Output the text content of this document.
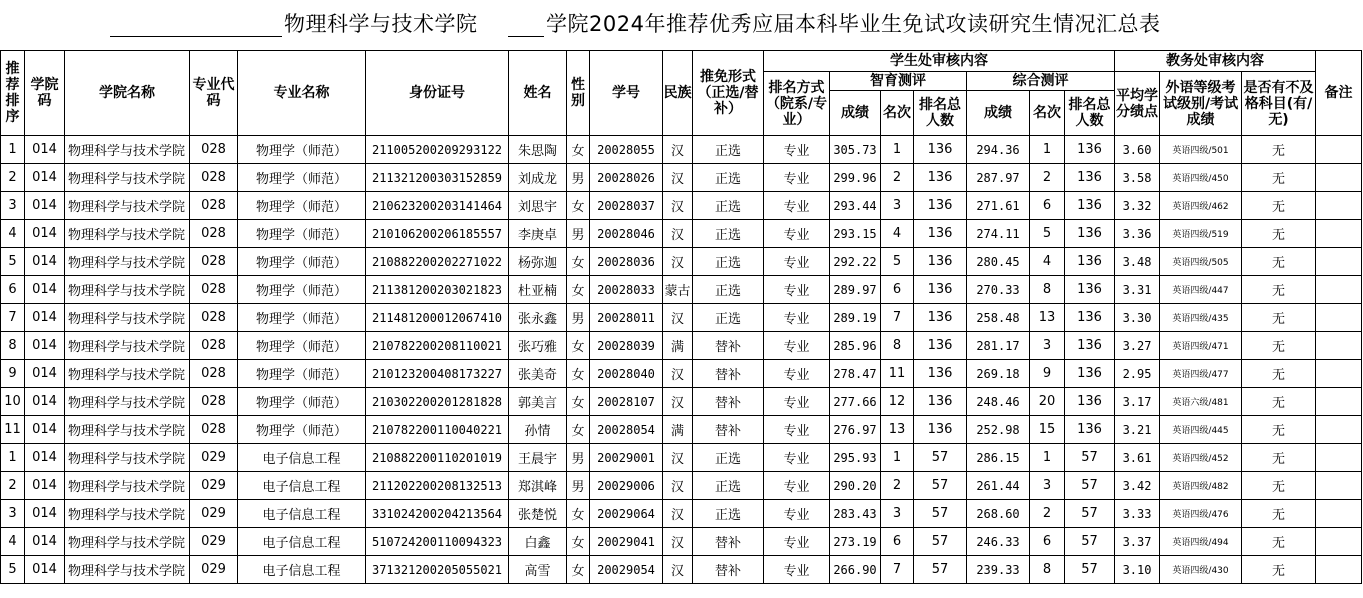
物理科学与技术学院	学院2024年推荐优秀应届本科毕业生免试攻读研究生情况汇总表
推荐排序	学院码	学院名称	专业代码	专业名称	身份证号	姓名	性别	学号	民族	推免形式（正选/替补）	学生处审核内容							教务处审核内容			备注
											排名方式（院系/专业）	智育测评			综合测评			平均学分绩点	外语等级考试级别/考试成绩	是否有不及格科目(有/无)	
												成绩	名次	排名总人数	成绩	名次	排名总人数				
1	014	物理科学与技术学院	028	物理学（师范）	211005200209293122	朱思陶	女	20028055	汉	正选	专业	305.73	1	136	294.36	1	136	3.60	英语四级/501	无	
2	014	物理科学与技术学院	028	物理学（师范）	211321200303152859	刘成龙	男	20028026	汉	正选	专业	299.96	2	136	287.97	2	136	3.58	英语四级/450	无	
3	014	物理科学与技术学院	028	物理学（师范）	210623200203141464	刘思宇	女	20028037	汉	正选	专业	293.44	3	136	271.61	6	136	3.32	英语四级/462	无	
4	014	物理科学与技术学院	028	物理学（师范）	210106200206185557	李庚卓	男	20028046	汉	正选	专业	293.15	4	136	274.11	5	136	3.36	英语四级/519	无	
5	014	物理科学与技术学院	028	物理学（师范）	210882200202271022	杨弥迦	女	20028036	汉	正选	专业	292.22	5	136	280.45	4	136	3.48	英语四级/505	无	
6	014	物理科学与技术学院	028	物理学（师范）	211381200203021823	杜亚楠	女	20028033	蒙古	正选	专业	289.97	6	136	270.33	8	136	3.31	英语四级/447	无	
7	014	物理科学与技术学院	028	物理学（师范）	211481200012067410	张永鑫	男	20028011	汉	正选	专业	289.19	7	136	258.48	13	136	3.30	英语四级/435	无	
8	014	物理科学与技术学院	028	物理学（师范）	210782200208110021	张巧雅	女	20028039	满	替补	专业	285.96	8	136	281.17	3	136	3.27	英语四级/471	无	
9	014	物理科学与技术学院	028	物理学（师范）	210123200408173227	张美奇	女	20028040	汉	替补	专业	278.47	11	136	269.18	9	136	2.95	英语四级/477	无	
10	014	物理科学与技术学院	028	物理学（师范）	210302200201281828	郭美言	女	20028107	汉	替补	专业	277.66	12	136	248.46	20	136	3.17	英语六级/481	无	
11	014	物理科学与技术学院	028	物理学（师范）	210782200110040221	孙情	女	20028054	满	替补	专业	276.97	13	136	252.98	15	136	3.21	英语四级/445	无	
1	014	物理科学与技术学院	029	电子信息工程	210882200110201019	王晨宇	男	20029001	汉	正选	专业	295.93	1	57	286.15	1	57	3.61	英语四级/452	无	
2	014	物理科学与技术学院	029	电子信息工程	211202200208132513	郑淇峰	男	20029006	汉	正选	专业	290.20	2	57	261.44	3	57	3.42	英语四级/482	无	
3	014	物理科学与技术学院	029	电子信息工程	331024200204213564	张楚悦	女	20029064	汉	正选	专业	283.43	3	57	268.60	2	57	3.33	英语四级/476	无	
4	014	物理科学与技术学院	029	电子信息工程	510724200110094323	白鑫	女	20029041	汉	替补	专业	273.19	6	57	246.33	6	57	3.37	英语四级/494	无	
5	014	物理科学与技术学院	029	电子信息工程	371321200205055021	高雪	女	20029054	汉	替补	专业	266.90	7	57	239.33	8	57	3.10	英语四级/430	无	
